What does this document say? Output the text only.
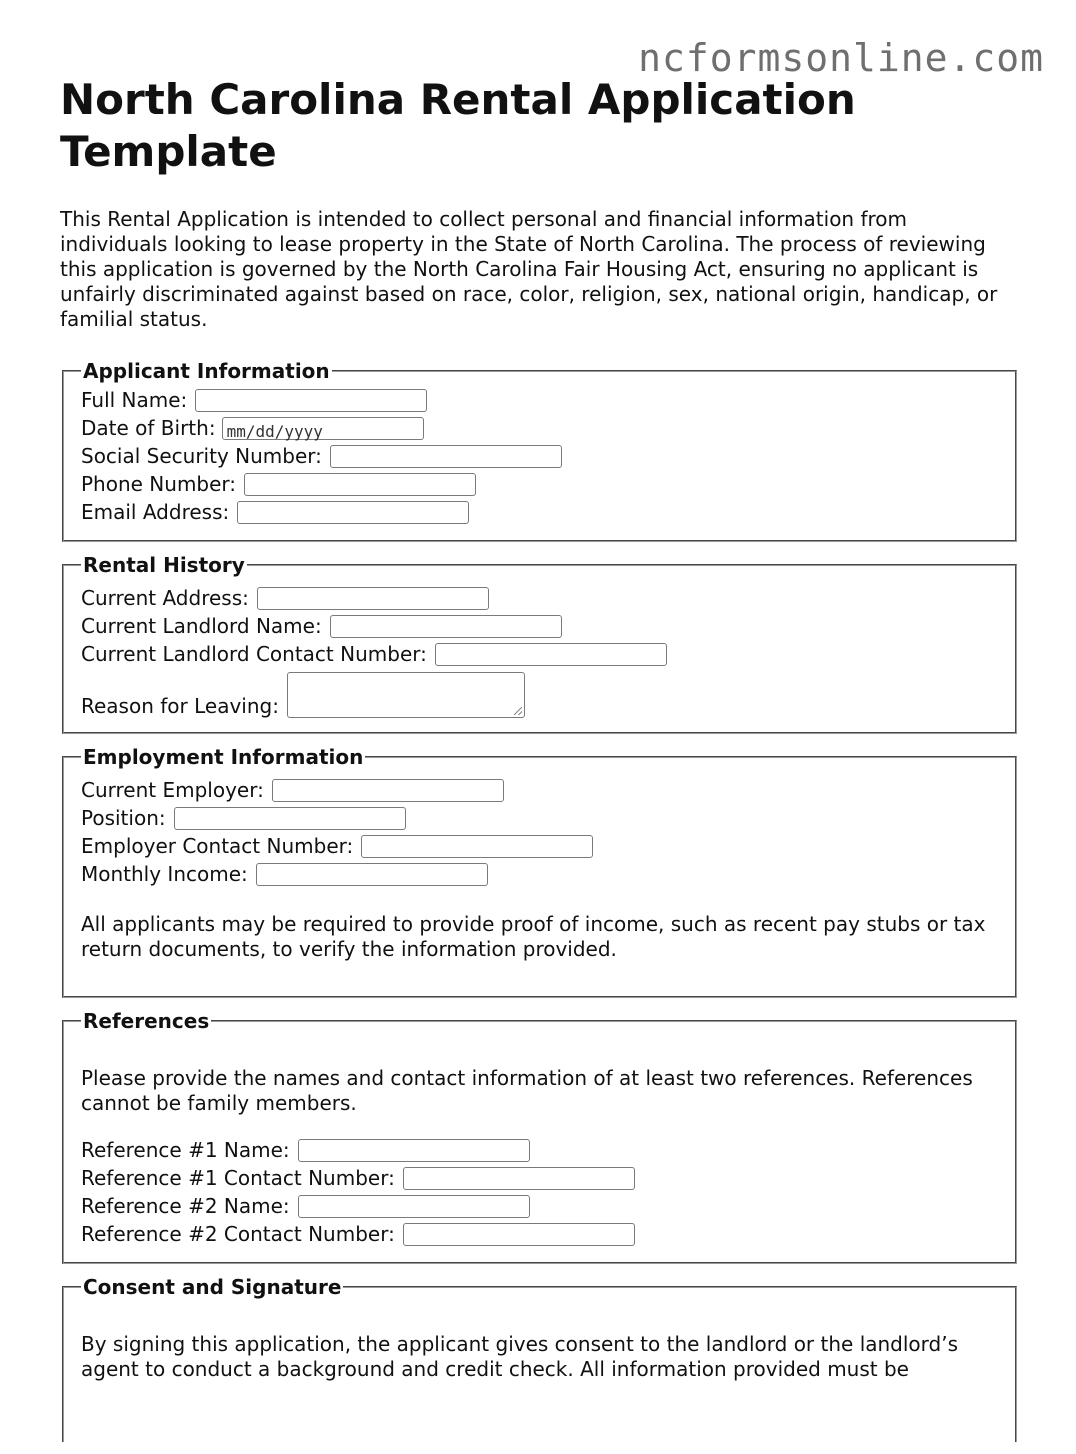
ncformsonline.com
North Carolina Rental Application Template

This Rental Application is intended to collect personal and financial information from individuals looking to lease property in the State of North Carolina. The process of reviewing this application is governed by the North Carolina Fair Housing Act, ensuring no applicant is unfairly discriminated against based on race, color, religion, sex, national origin, handicap, or familial status.

Applicant Information
Full Name:
Date of Birth: mm/dd/yyyy
Social Security Number:
Phone Number:
Email Address:
Rental History
Current Address:
Current Landlord Name:
Current Landlord Contact Number:
Reason for Leaving:
Employment Information
Current Employer:
Position:
Employer Contact Number:
Monthly Income:

All applicants may be required to provide proof of income, such as recent pay stubs or tax return documents, to verify the information provided.

References

Please provide the names and contact information of at least two references. References cannot be family members.

Reference #1 Name:
Reference #1 Contact Number:
Reference #2 Name:
Reference #2 Contact Number:
Consent and Signature

By signing this application, the applicant gives consent to the landlord or the landlord’s agent to conduct a background and credit check. All information provided must be
